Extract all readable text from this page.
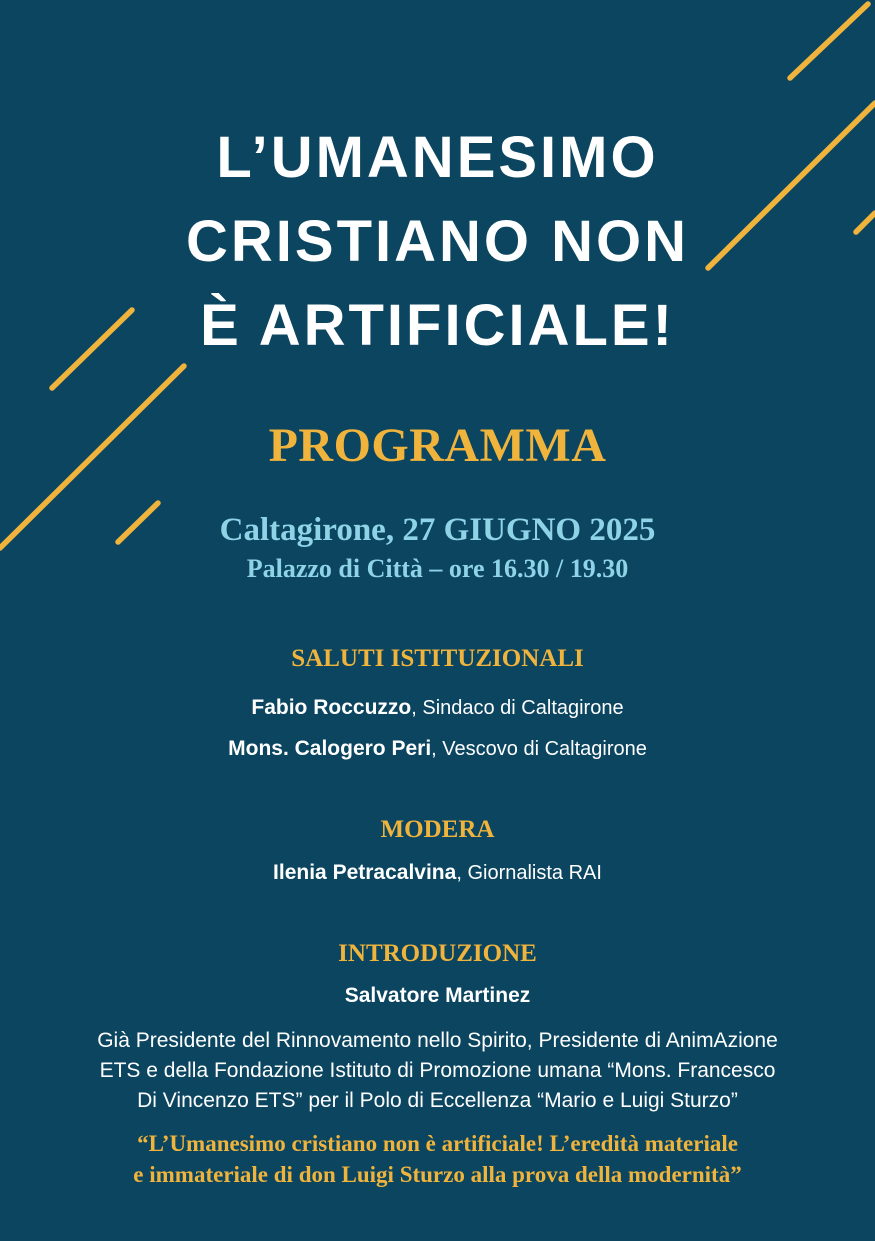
L’UMANESIMO
CRISTIANO NON
È ARTIFICIALE!
PROGRAMMA
Caltagirone, 27 GIUGNO 2025
Palazzo di Città – ore 16.30 / 19.30
SALUTI ISTITUZIONALI
Fabio Roccuzzo, Sindaco di Caltagirone
Mons. Calogero Peri, Vescovo di Caltagirone
MODERA
Ilenia Petracalvina, Giornalista RAI
INTRODUZIONE
Salvatore Martinez
Già Presidente del Rinnovamento nello Spirito, Presidente di AnimAzione
ETS e della Fondazione Istituto di Promozione umana “Mons. Francesco
Di Vincenzo ETS” per il Polo di Eccellenza “Mario e Luigi Sturzo”
“L’Umanesimo cristiano non è artificiale! L’eredità materiale
e immateriale di don Luigi Sturzo alla prova della modernità”
